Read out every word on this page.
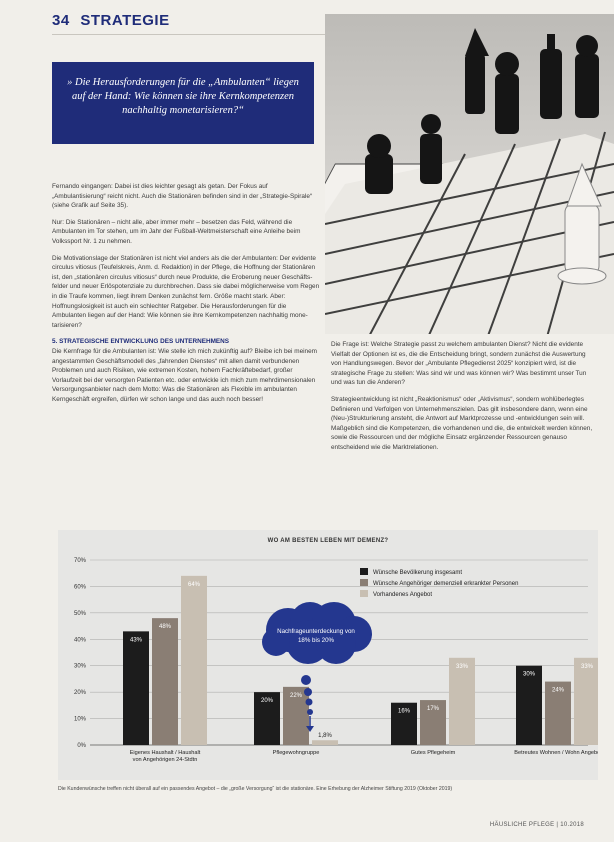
34 STRATEGIE
» Die Herausforderungen für die „Ambulanten“ liegen auf der Hand: Wie können sie ihre Kernkompetenzen nachhaltig monetarisieren?“

Fernando eingangen: Dabei ist dies leichter gesagt als getan. Der Fokus auf „Ambulantisierung“ reicht nicht. Auch die Stationären befinden sind in der „Strategie-Spirale“ (siehe Grafik auf Seite 35).

Nur: Die Stationären – nicht alle, aber immer mehr – besetzen das Feld, während die Ambulanten im Tor stehen, um im Jahr der Fußball-Weltmeisterschaft eine Anleihe beim Volkssport Nr. 1 zu nehmen.

Die Motivationslage der Stationären ist nicht viel anders als die der Ambulanten: Der evidente circulus vitiosus (Teufelskreis, Anm. d. Redaktion) in der Pflege, die Hoffnung der Stationären ist, den „stationären circulus vitiosus“ durch neue Produkte, die Eroberung neuer Geschäftsfelder und neuer Erlöspotenziale zu durchbrechen. Dass sie dabei möglicherweise vom Regen in die Traufe kommen, liegt ihrem Denken zunächst fern. Größe macht stark. Aber: Hoffnungslosigkeit ist auch ein schlechter Ratgeber. Die Herausforderungen für die Ambulanten liegen auf der Hand: Wie können sie ihre Kernkompetenzen nachhaltig monetarisieren?

5. STRATEGISCHE ENTWICKLUNG DES UNTERNEHMENS

Die Kernfrage für die Ambulanten ist: Wie stelle ich mich zukünftig auf? Bleibe ich bei meinem angestammten Geschäftsmodell des „fahrenden Dienstes“ mit allen damit verbundenen Problemen und auch Risiken, wie extremen Kosten, hohem Fachkräftebedarf, großer Vorlaufzeit bei der versorgten Patienten etc. oder entwickle ich mich zum mehrdimensionalen Versorgungsanbieter nach dem Motto: Was die Stationären als Flexible im ambulanten Kerngeschäft ergreifen, dürfen wir schon lange und das auch noch besser!

Die Frage ist: Welche Strategie passt zu welchem ambulanten Dienst? Nicht die evidente Vielfalt der Optionen ist es, die die Entscheidung bringt, sondern zunächst die Auswertung von Handlungswegen. Bevor der „Ambulante Pflegedienst 2025“ konzipiert wird, ist die strategische Frage zu stellen: Was sind wir und was können wir? Was bestimmt unser Tun und was tun die Anderen?

Strategieentwicklung ist nicht „Reaktionismus“ oder „Aktivismus“, sondern wohlüberlegtes Definieren und Verfolgen von Unternehmenszielen. Das gilt insbesondere dann, wenn eine (Neu-)Strukturierung ansteht, die Antwort auf Marktprozesse und -entwicklungen sein will. Maßgeblich sind die Kompetenzen, die vorhandenen und die, die entwickelt werden können, sowie die Ressourcen und der mögliche Einsatz ergänzender Ressourcen genauso entscheidend wie die Marktrelationen.

WO AM BESTEN LEBEN MIT DEMENZ?
0%
10%
20%
30%
40%
50%
60%
70%
43%
20%
16%
30%
48%
22%
17%
24%
64%
1,8%
33%	33%
Eigenes Haushalt / Haushalt
von Angehörigen 24-Stdtn
Pflegewohngruppe	Gutes Pflegeheim	Betreutes Wohnen / Wohn Angebot
Wünsche Bevölkerung insgesamt
Wünsche Angehöriger demenziell erkrankter Personen
Vorhandenes Angebot
Nachfrageunterdeckung von
18% bis 20%
Die Kundenwünsche treffen nicht überall auf ein passendes Angebot – die „große Versorgung“ ist die stationäre. Eine Erhebung der Alzheimer Stiftung 2019 (Oktober 2019)
HÄUSLICHE PFLEGE | 10.2018
